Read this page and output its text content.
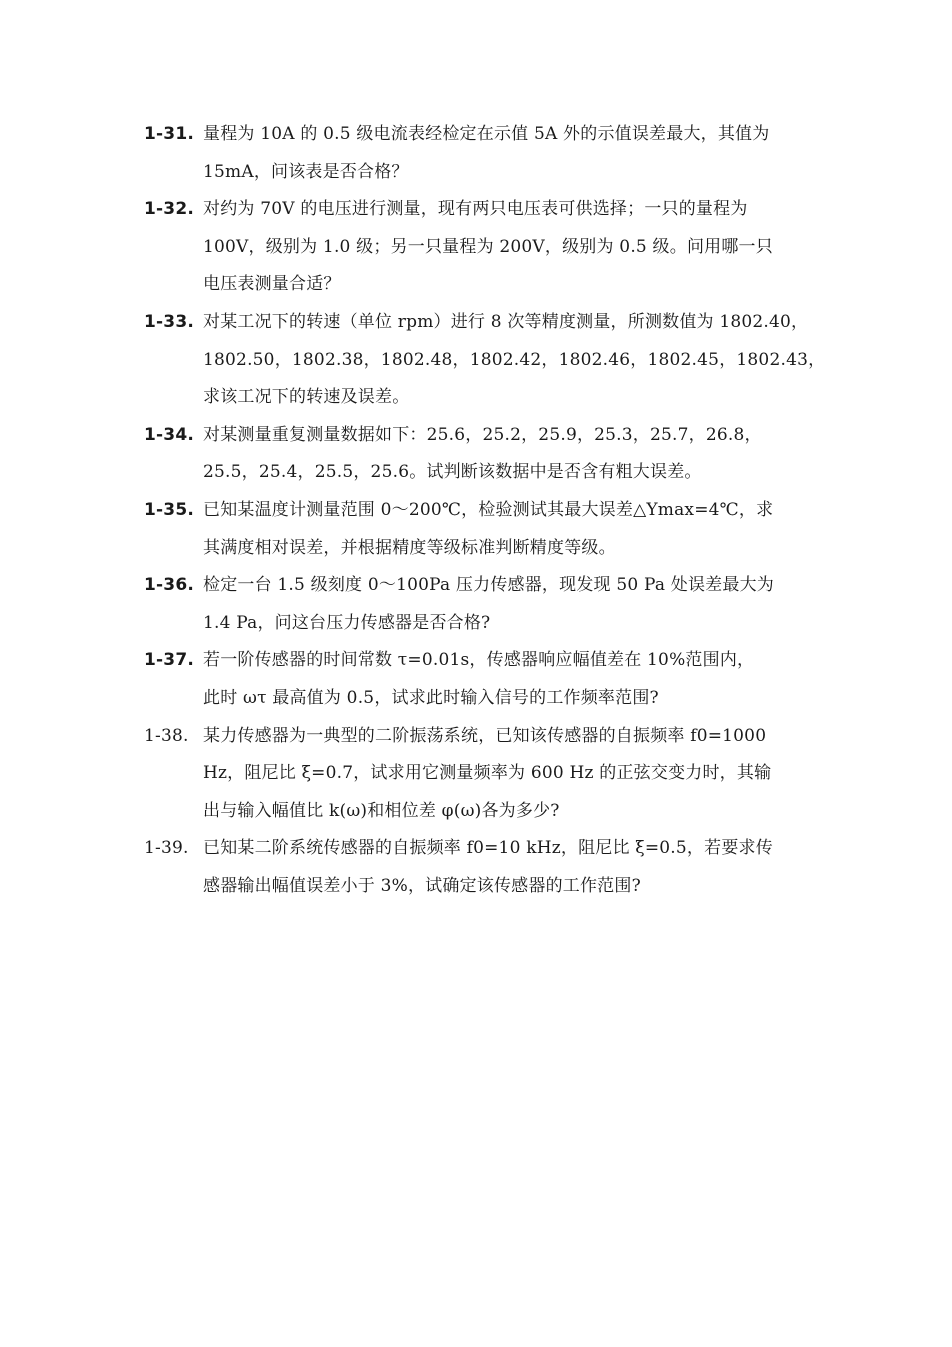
1-31. 量程为 10A 的 0.5 级电流表经检定在示值 5A 外的示值误差最大，其值为
15mA，问该表是否合格？
1-32. 对约为 70V 的电压进行测量，现有两只电压表可供选择；一只的量程为
100V，级别为 1.0 级；另一只量程为 200V，级别为 0.5 级。问用哪一只
电压表测量合适？
1-33. 对某工况下的转速（单位 rpm）进行 8 次等精度测量，所测数值为 1802.40，
1802.50，1802.38，1802.48，1802.42，1802.46，1802.45，1802.43，
求该工况下的转速及误差。
1-34. 对某测量重复测量数据如下：25.6，25.2，25.9，25.3，25.7，26.8，
25.5，25.4，25.5，25.6。试判断该数据中是否含有粗大误差。
1-35. 已知某温度计测量范围 0～200℃，检验测试其最大误差△Ymax=4℃，求
其满度相对误差，并根据精度等级标准判断精度等级。
1-36. 检定一台 1.5 级刻度 0～100Pa 压力传感器，现发现 50 Pa 处误差最大为
1.4 Pa，问这台压力传感器是否合格?
1-37. 若一阶传感器的时间常数 τ=0.01s，传感器响应幅值差在 10%范围内，
此时 ωτ 最高值为 0.5，试求此时输入信号的工作频率范围?
1-38. 某力传感器为一典型的二阶振荡系统，已知该传感器的自振频率 f0=1000
Hz，阻尼比 ξ=0.7，试求用它测量频率为 600 Hz 的正弦交变力时，其输
出与输入幅值比 k(ω)和相位差 φ(ω)各为多少?
1-39. 已知某二阶系统传感器的自振频率 f0=10 kHz，阻尼比 ξ=0.5，若要求传
感器输出幅值误差小于 3%，试确定该传感器的工作范围?
